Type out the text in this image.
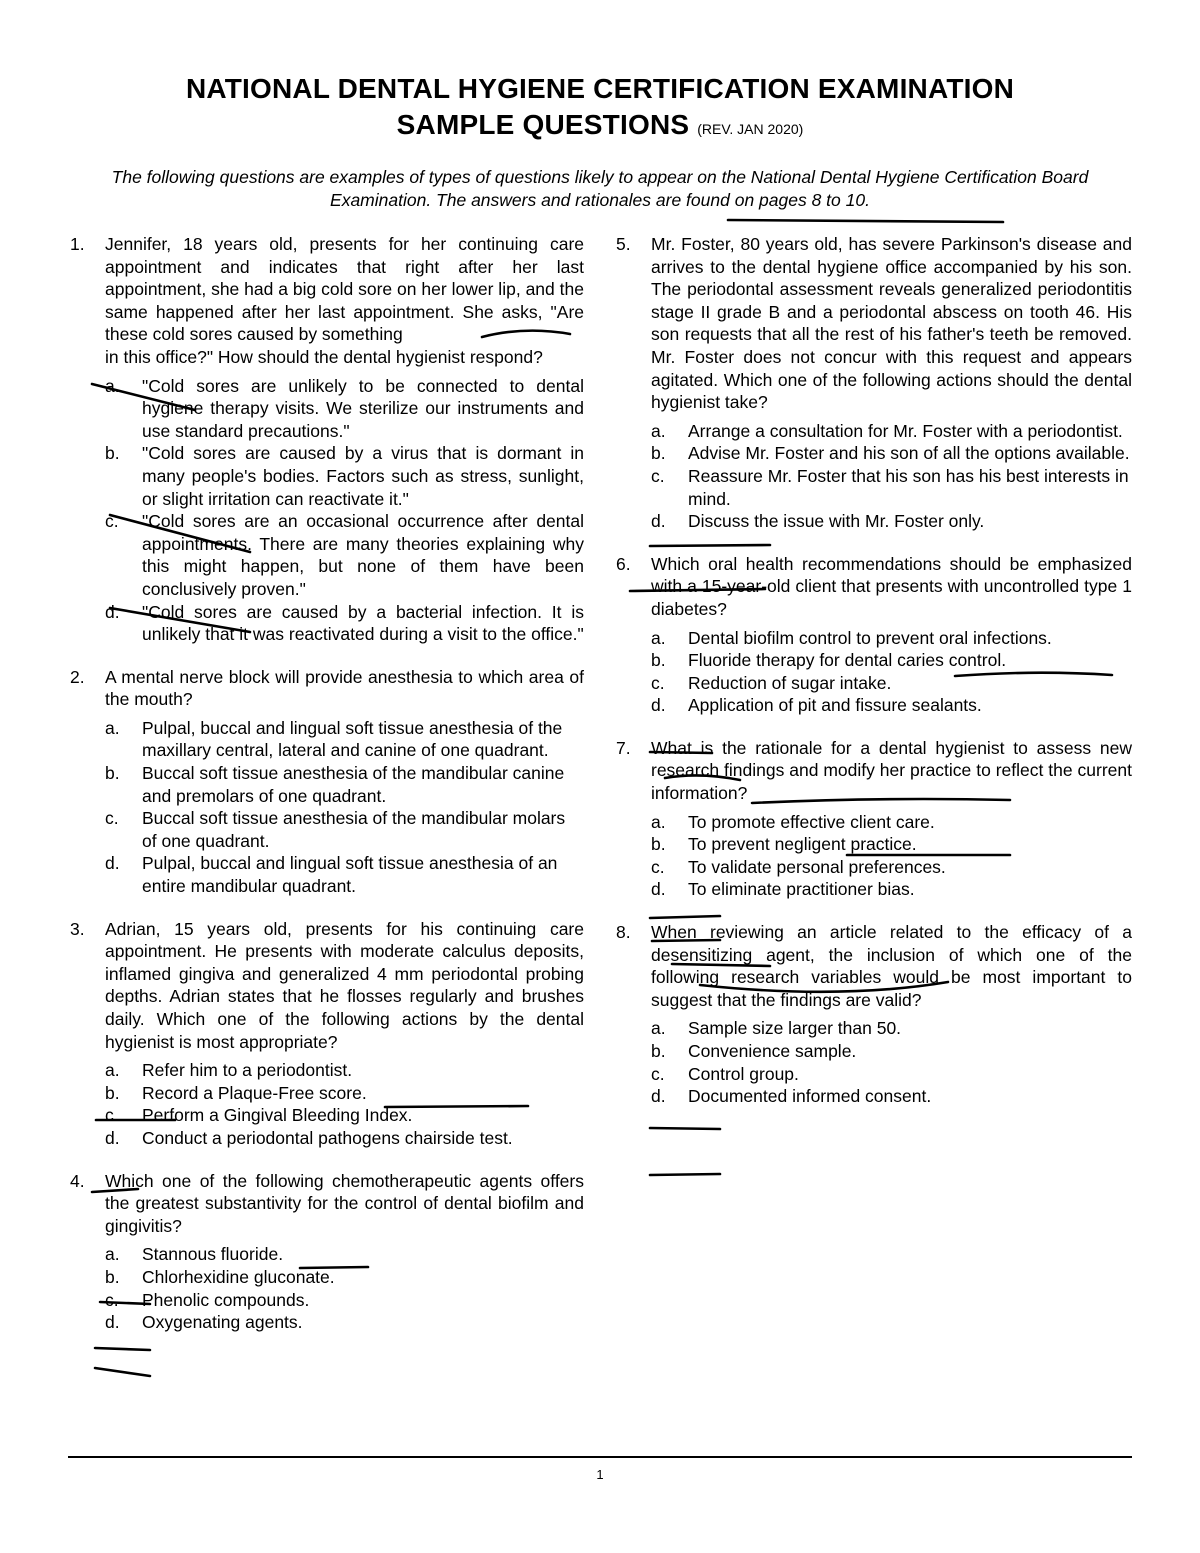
NATIONAL DENTAL HYGIENE CERTIFICATION EXAMINATION
SAMPLE QUESTIONS (REV. JAN 2020)
The following questions are examples of types of questions likely to appear on the National Dental Hygiene Certification Board Examination. The answers and rationales are found on pages 8 to 10.
1.	Jennifer, 18 years old, presents for her continuing care appointment and indicates that right after her last appointment, she had a big cold sore on her lower lip, and the same happened after her last appointment. She asks, "Are these cold sores caused by something
in this office?" How should the dental hygienist respond?
a.	"Cold sores are unlikely to be connected to dental hygiene therapy visits. We sterilize our instruments and use standard precautions."
b.	"Cold sores are caused by a virus that is dormant in many people's bodies. Factors such as stress, sunlight, or slight irritation can reactivate it."
c.	"Cold sores are an occasional occurrence after dental appointments. There are many theories explaining why this might happen, but none of them have been conclusively proven."
d.	"Cold sores are caused by a bacterial infection. It is unlikely that it was reactivated during a visit to the office."
2.	A mental nerve block will provide anesthesia to which area of the mouth?
a.	Pulpal, buccal and lingual soft tissue anesthesia of the maxillary central, lateral and canine of one quadrant.
b.	Buccal soft tissue anesthesia of the mandibular canine and premolars of one quadrant.
c.	Buccal soft tissue anesthesia of the mandibular molars of one quadrant.
d.	Pulpal, buccal and lingual soft tissue anesthesia of an entire mandibular quadrant.
3.	Adrian, 15 years old, presents for his continuing care appointment. He presents with moderate calculus deposits, inflamed gingiva and generalized 4 mm periodontal probing depths. Adrian states that he flosses regularly and brushes daily. Which one of the following actions by the dental hygienist is most appropriate?
a.	Refer him to a periodontist.
b.	Record a Plaque-Free score.
c.	Perform a Gingival Bleeding Index.
d.	Conduct a periodontal pathogens chairside test.
4.	Which one of the following chemotherapeutic agents offers the greatest substantivity for the control of dental biofilm and gingivitis?
a.	Stannous fluoride.
b.	Chlorhexidine gluconate.
c.	Phenolic compounds.
d.	Oxygenating agents.
5.	Mr. Foster, 80 years old, has severe Parkinson's disease and arrives to the dental hygiene office accompanied by his son. The periodontal assessment reveals generalized periodontitis stage II grade B and a periodontal abscess on tooth 46. His son requests that all the rest of his father's teeth be removed. Mr. Foster does not concur with this request and appears agitated. Which one of the following actions should the dental hygienist take?
a.	Arrange a consultation for Mr. Foster with a periodontist.
b.	Advise Mr. Foster and his son of all the options available.
c.	Reassure Mr. Foster that his son has his best interests in mind.
d.	Discuss the issue with Mr. Foster only.
6.	Which oral health recommendations should be emphasized with a 15-year-old client that presents with uncontrolled type 1 diabetes?
a.	Dental biofilm control to prevent oral infections.
b.	Fluoride therapy for dental caries control.
c.	Reduction of sugar intake.
d.	Application of pit and fissure sealants.
7.	What is the rationale for a dental hygienist to assess new research findings and modify her practice to reflect the current information?
a.	To promote effective client care.
b.	To prevent negligent practice.
c.	To validate personal preferences.
d.	To eliminate practitioner bias.
8.	When reviewing an article related to the efficacy of a desensitizing agent, the inclusion of which one of the following research variables would be most important to suggest that the findings are valid?
a.	Sample size larger than 50.
b.	Convenience sample.
c.	Control group.
d.	Documented informed consent.
1
